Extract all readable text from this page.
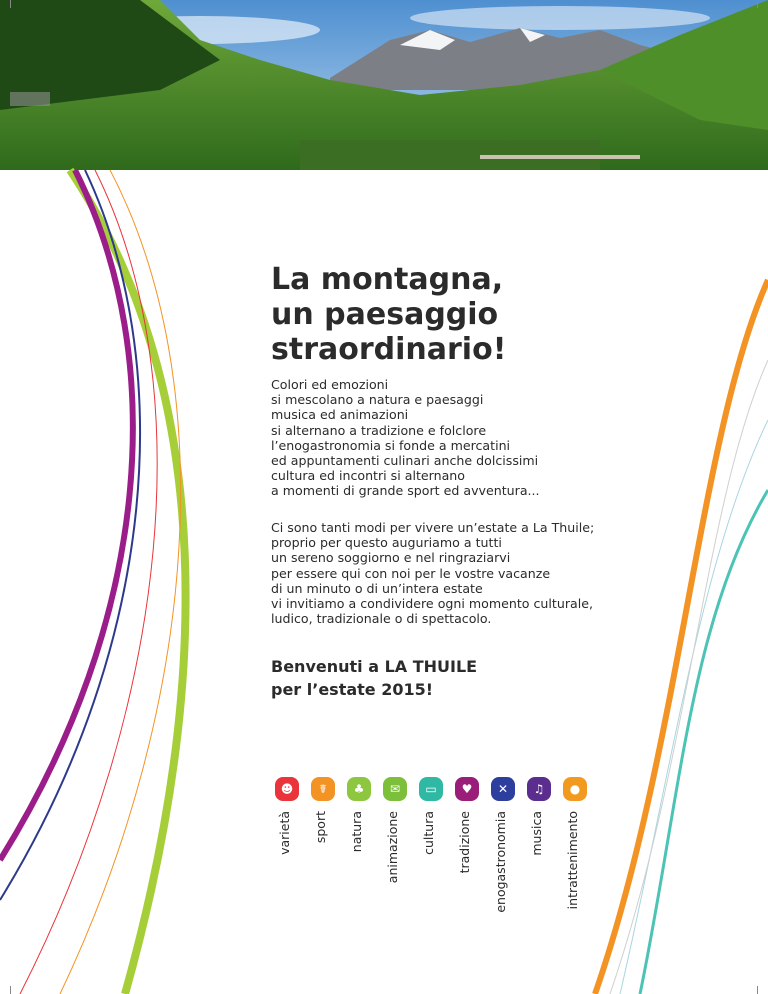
La montagna,
un paesaggio
straordinario!
Colori ed emozioni
si mescolano a natura e paesaggi
musica ed animazioni
si alternano a tradizione e folclore
l’enogastronomia si fonde a mercatini
ed appuntamenti culinari anche dolcissimi
cultura ed incontri si alternano
a momenti di grande sport ed avventura...
Ci sono tanti modi per vivere un’estate a La Thuile;
proprio per questo auguriamo a tutti
un sereno soggiorno e nel ringraziarvi
per essere qui con noi per le vostre vacanze
di un minuto o di un’intera estate
vi invitiamo a condividere ogni momento culturale,
ludico, tradizionale o di spettacolo.
Benvenuti a LA THUILE
per l’estate 2015!
☻
varietà
☤
sport
♣
natura
✉
animazione
▭
cultura
♥
tradizione
✕
enogastronomia
♫
musica
●
intrattenimento
